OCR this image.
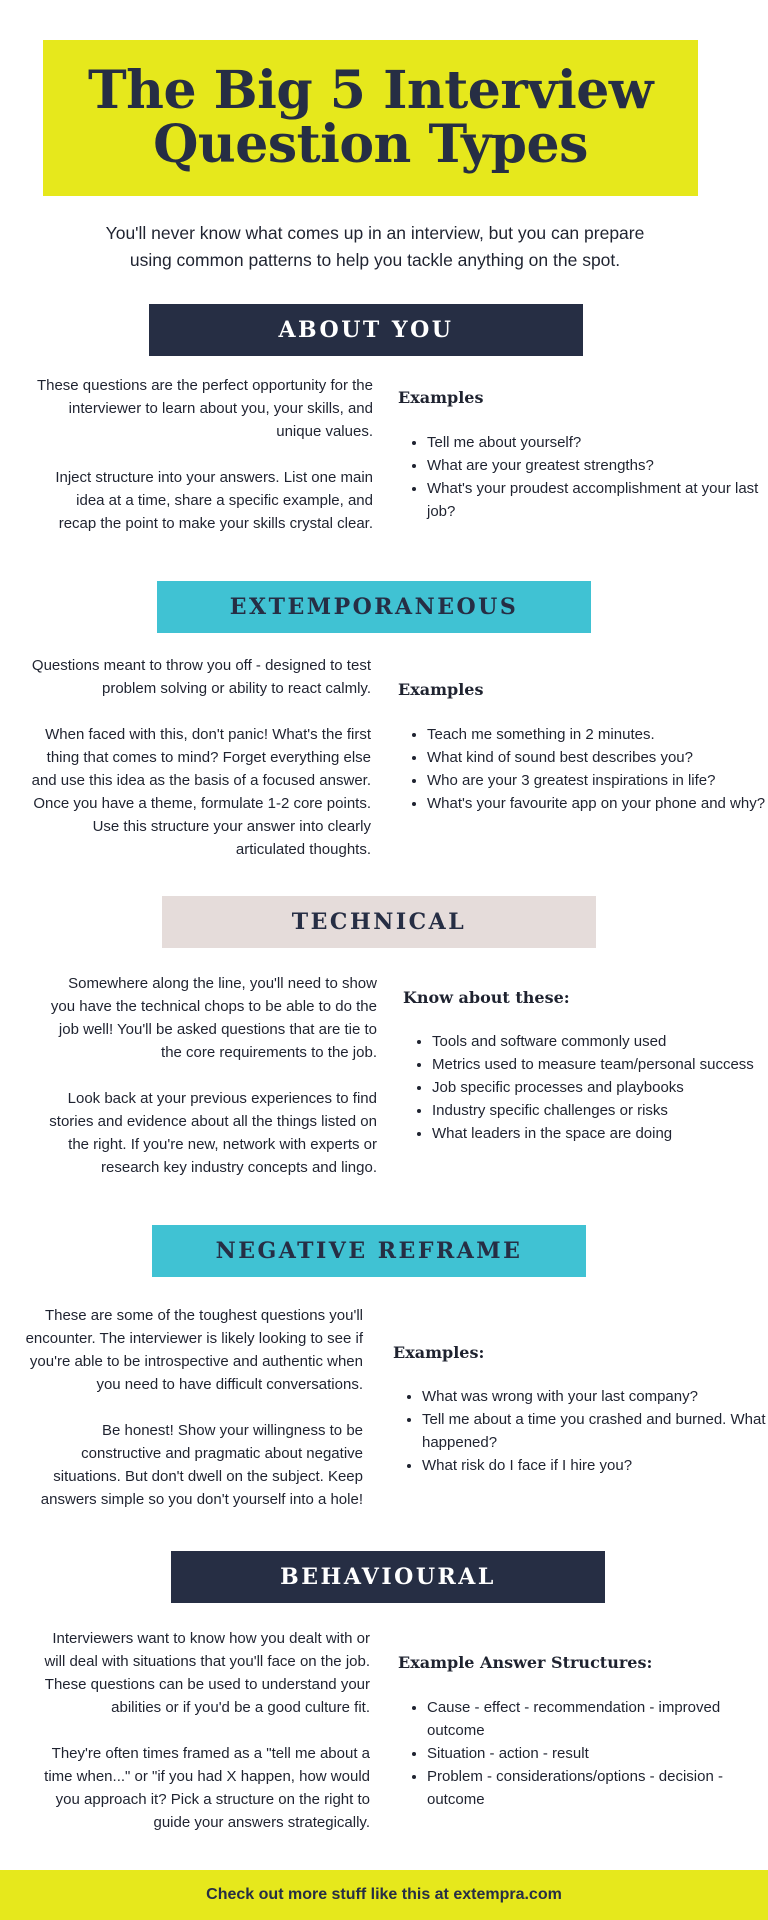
The Big 5 Interview
Question Types
You'll never know what comes up in an interview, but you can prepare
using common patterns to help you tackle anything on the spot.
ABOUT YOU

These questions are the perfect opportunity for the interviewer to learn about you, your skills, and unique values.

Inject structure into your answers. List one main idea at a time, share a specific example, and recap the point to make your skills crystal clear.

Examples
• Tell me about yourself?
• What are your greatest strengths?
• What's your proudest accomplishment at your last job?
EXTEMPORANEOUS

Questions meant to throw you off - designed to test problem solving or ability to react calmly.

When faced with this, don't panic! What's the first thing that comes to mind? Forget everything else and use this idea as the basis of a focused answer. Once you have a theme, formulate 1-2 core points. Use this structure your answer into clearly articulated thoughts.

Examples
• Teach me something in 2 minutes.
• What kind of sound best describes you?
• Who are your 3 greatest inspirations in life?
• What's your favourite app on your phone and why?
TECHNICAL

Somewhere along the line, you'll need to show you have the technical chops to be able to do the job well! You'll be asked questions that are tie to the core requirements to the job.

Look back at your previous experiences to find stories and evidence about all the things listed on the right. If you're new, network with experts or research key industry concepts and lingo.

Know about these:
• Tools and software commonly used
• Metrics used to measure team/personal success
• Job specific processes and playbooks
• Industry specific challenges or risks
• What leaders in the space are doing
NEGATIVE REFRAME

These are some of the toughest questions you'll encounter. The interviewer is likely looking to see if you're able to be introspective and authentic when you need to have difficult conversations.

Be honest! Show your willingness to be constructive and pragmatic about negative situations. But don't dwell on the subject. Keep answers simple so you don't yourself into a hole!

Examples:
• What was wrong with your last company?
• Tell me about a time you crashed and burned. What happened?
• What risk do I face if I hire you?
BEHAVIOURAL

Interviewers want to know how you dealt with or will deal with situations that you'll face on the job. These questions can be used to understand your abilities or if you'd be a good culture fit.

They're often times framed as a "tell me about a time when..." or "if you had X happen, how would you approach it? Pick a structure on the right to guide your answers strategically.

Example Answer Structures:
• Cause - effect - recommendation - improved outcome
• Situation - action - result
• Problem - considerations/options - decision - outcome
Check out more stuff like this at extempra.com
